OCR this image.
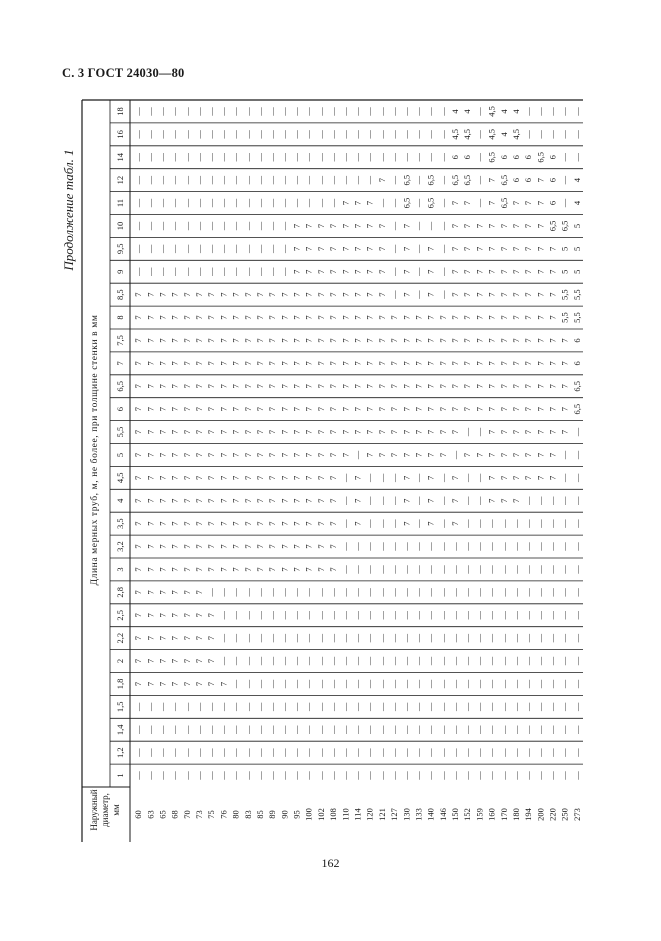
С. 3 ГОСТ 24030—80
Продолжение табл. 1
Длина мерных труб, м, не более, при толщине стенки в мм
Наружный диаметр, мм
1
1,2
1,4
1,5
1,8
2
2,2
2,5
2,8
3
3,2
3,5
4
4,5
5
5,5
6
6,5
7
7,5
8
8,5
9
9,5
10
11
12
14
16
18
60
—
—
—
—
7
7
7
7
7
7
7
7
7
7
7
7
7
7
7
7
7
7
—
—
—
—
—
—
—
—
63
—
—
—
—
7
7
7
7
7
7
7
7
7
7
7
7
7
7
7
7
7
7
—
—
—
—
—
—
—
—
65
—
—
—
—
7
7
7
7
7
7
7
7
7
7
7
7
7
7
7
7
7
7
—
—
—
—
—
—
—
—
68
—
—
—
—
7
7
7
7
7
7
7
7
7
7
7
7
7
7
7
7
7
7
—
—
—
—
—
—
—
—
70
—
—
—
—
7
7
7
7
7
7
7
7
7
7
7
7
7
7
7
7
7
7
—
—
—
—
—
—
—
—
73
—
—
—
—
7
7
7
7
7
7
7
7
7
7
7
7
7
7
7
7
7
7
—
—
—
—
—
—
—
—
75
—
—
—
—
7
7
7
7
—
7
7
7
7
7
7
7
7
7
7
7
7
7
—
—
—
—
—
—
—
—
76
—
—
—
—
7
—
—
—
—
7
7
7
7
7
7
7
7
7
7
7
7
7
—
—
—
—
—
—
—
—
80
—
—
—
—
—
—
—
—
—
7
7
7
7
7
7
7
7
7
7
7
7
7
—
—
—
—
—
—
—
—
83
—
—
—
—
—
—
—
—
—
7
7
7
7
7
7
7
7
7
7
7
7
7
—
—
—
—
—
—
—
—
85
—
—
—
—
—
—
—
—
—
7
7
7
7
7
7
7
7
7
7
7
7
7
—
—
—
—
—
—
—
—
89
—
—
—
—
—
—
—
—
—
7
7
7
7
7
7
7
7
7
7
7
7
7
—
—
—
—
—
—
—
—
90
—
—
—
—
—
—
—
—
—
7
7
7
7
7
7
7
7
7
7
7
7
7
—
—
—
—
—
—
—
—
95
—
—
—
—
—
—
—
—
—
7
7
7
7
7
7
7
7
7
7
7
7
7
7
7
7
—
—
—
—
—
100
—
—
—
—
—
—
—
—
—
7
7
7
7
7
7
7
7
7
7
7
7
7
7
7
7
—
—
—
—
—
102
—
—
—
—
—
—
—
—
—
7
7
7
7
7
7
7
7
7
7
7
7
7
7
7
7
—
—
—
—
—
108
—
—
—
—
—
—
—
—
—
7
7
7
7
7
7
7
7
7
7
7
7
7
7
7
7
—
—
—
—
—
110
—
—
—
—
—
—
—
—
—
—
—
—
—
—
7
7
7
7
7
7
7
7
7
7
7
7
—
—
—
—
114
—
—
—
—
—
—
—
—
—
—
—
7
7
7
—
7
7
7
7
7
7
7
7
7
7
7
—
—
—
—
120
—
—
—
—
—
—
—
—
—
—
—
—
—
—
7
7
7
7
7
7
7
7
7
7
7
7
—
—
—
—
121
—
—
—
—
—
—
—
—
—
—
—
—
—
—
7
7
7
7
7
7
7
7
7
7
7
—
7
—
—
—
127
—
—
—
—
—
—
—
—
—
—
—
—
—
—
7
7
7
7
7
7
7
—
—
—
—
—
—
—
—
—
130
—
—
—
—
—
—
—
—
—
—
—
7
7
7
7
7
7
7
7
7
7
7
7
7
7
6,5
6,5
—
—
—
133
—
—
—
—
—
—
—
—
—
—
—
—
—
—
7
7
7
7
7
7
7
—
—
—
—
—
—
—
—
—
140
—
—
—
—
—
—
—
—
—
—
—
7
7
7
7
7
7
7
7
7
7
7
7
7
—
6,5
6,5
—
—
—
146
—
—
—
—
—
—
—
—
—
—
—
—
—
—
7
7
7
7
7
7
7
—
—
—
—
—
—
—
—
—
150
—
—
—
—
—
—
—
—
—
—
—
7
7
7
—
7
7
7
7
7
7
7
7
7
7
7
6,5
6
4,5
4
152
—
—
—
—
—
—
—
—
—
—
—
—
—
—
7
—
7
7
7
7
7
7
7
7
7
7
6,5
6
4,5
4
159
—
—
—
—
—
—
—
—
—
—
—
—
—
—
7
—
7
7
7
7
7
7
7
7
7
—
—
—
—
—
160
—
—
—
—
—
—
—
—
—
—
—
—
7
7
7
7
7
7
7
7
7
7
7
7
7
7
7
6,5
4,5
4,5
170
—
—
—
—
—
—
—
—
—
—
—
—
7
7
7
7
7
7
7
7
7
7
7
7
7
6,5
6,5
6
4
4
180
—
—
—
—
—
—
—
—
—
—
—
—
7
7
7
7
7
7
7
7
7
7
7
7
7
7
6
6
4,5
4
194
—
—
—
—
—
—
—
—
—
—
—
—
—
7
7
7
7
7
7
7
7
7
7
7
7
7
6
6
—
—
200
—
—
—
—
—
—
—
—
—
—
—
—
—
7
7
7
7
7
7
7
7
7
7
7
7
7
7
6,5
—
—
220
—
—
—
—
—
—
—
—
—
—
—
—
—
7
7
7
7
7
7
7
7
7
7
7
6,5
6
6
6
—
—
250
—
—
—
—
—
—
—
—
—
—
—
—
—
—
—
7
7
7
7
7
5,5
5,5
5
5
6,5
—
—
—
—
—
273
—
—
—
—
—
—
—
—
—
—
—
—
—
—
—
—
6,5
6,5
6
6
5,5
5,5
5
5
5
4
4
—
—
—
162
